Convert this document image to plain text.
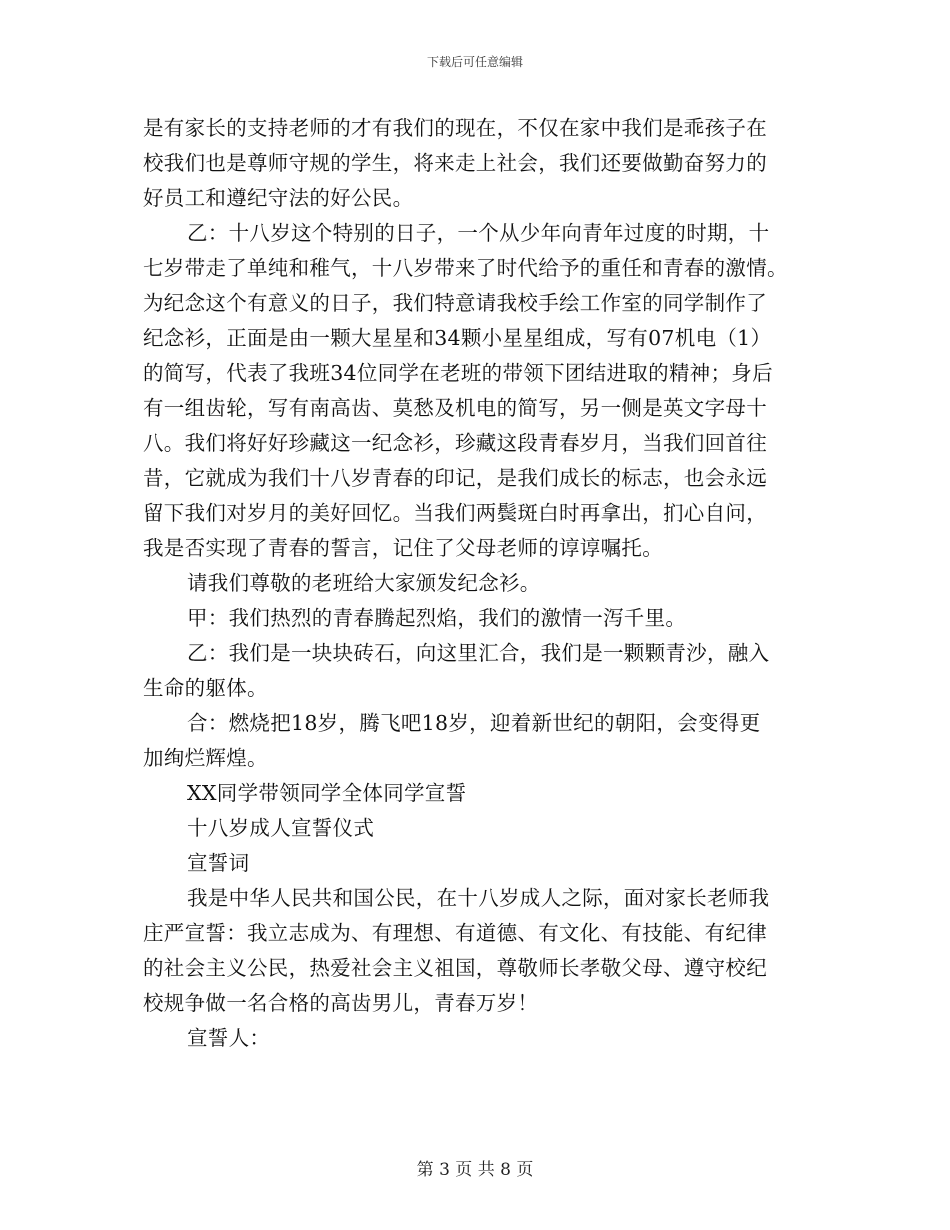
下载后可任意编辑
是有家长的支持老师的才有我们的现在，不仅在家中我们是乖孩子在
校我们也是尊师守规的学生，将来走上社会，我们还要做勤奋努力的
好员工和遵纪守法的好公民。
乙：十八岁这个特别的日子，一个从少年向青年过度的时期，十
七岁带走了单纯和稚气，十八岁带来了时代给予的重任和青春的激情。
为纪念这个有意义的日子，我们特意请我校手绘工作室的同学制作了
纪念衫，正面是由一颗大星星和34颗小星星组成，写有07机电（1）
的简写，代表了我班34位同学在老班的带领下团结进取的精神；身后
有一组齿轮，写有南高齿、莫愁及机电的简写，另一侧是英文字母十
八。我们将好好珍藏这一纪念衫，珍藏这段青春岁月，当我们回首往
昔，它就成为我们十八岁青春的印记，是我们成长的标志，也会永远
留下我们对岁月的美好回忆。当我们两鬓斑白时再拿出，扪心自问，
我是否实现了青春的誓言，记住了父母老师的谆谆嘱托。
请我们尊敬的老班给大家颁发纪念衫。
甲：我们热烈的青春腾起烈焰，我们的激情一泻千里。
乙：我们是一块块砖石，向这里汇合，我们是一颗颗青沙，融入
生命的躯体。
合：燃烧把18岁，腾飞吧18岁，迎着新世纪的朝阳，会变得更
加绚烂辉煌。
XX同学带领同学全体同学宣誓
十八岁成人宣誓仪式
宣誓词
我是中华人民共和国公民，在十八岁成人之际，面对家长老师我
庄严宣誓：我立志成为、有理想、有道德、有文化、有技能、有纪律
的社会主义公民，热爱社会主义祖国，尊敬师长孝敬父母、遵守校纪
校规争做一名合格的高齿男儿，青春万岁！
宣誓人：
第 3 页 共 8 页
